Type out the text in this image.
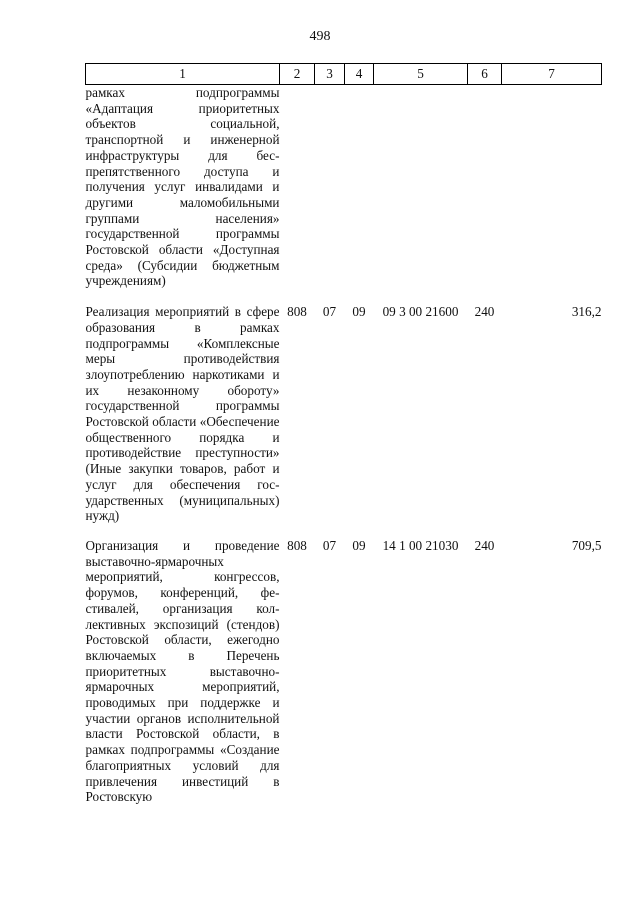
498
1	2	3	4	5	6	7
рамках подпрограммы «Адаптация приоритетных объектов социальной, транспортной и инженерной инфраструктуры для беспрепятственного доступа и получения услуг инвалидами и другими маломобильными группами населения» государственной программы Ростовской области «Доступная среда» (Субсидии бюджетным учреждениям)						
Реализация мероприятий в сфере образования в рамках подпрограммы «Комплексные меры противодействия злоупотреблению наркотиками и их незаконному обороту» государственной программы Ростовской области «Обеспечение общественного порядка и противодействие преступности» (Иные закупки товаров, работ и услуг для обеспечения государственных (муниципальных) нужд)	808	07	09	09 3 00 21600	240	316,2
Организация и проведение выставочно-ярмарочных мероприятий, конгрессов, форумов, конференций, фестивалей, организация коллективных экспозиций (стендов) Ростовской области, ежегодно включаемых в Перечень приоритетных выставочно-ярмарочных мероприятий, проводимых при поддержке и участии органов исполнительной власти Ростовской области, в рамках подпрограммы «Создание благоприятных условий для привлечения инвестиций в Ростовскую	808	07	09	14 1 00 21030	240	709,5
